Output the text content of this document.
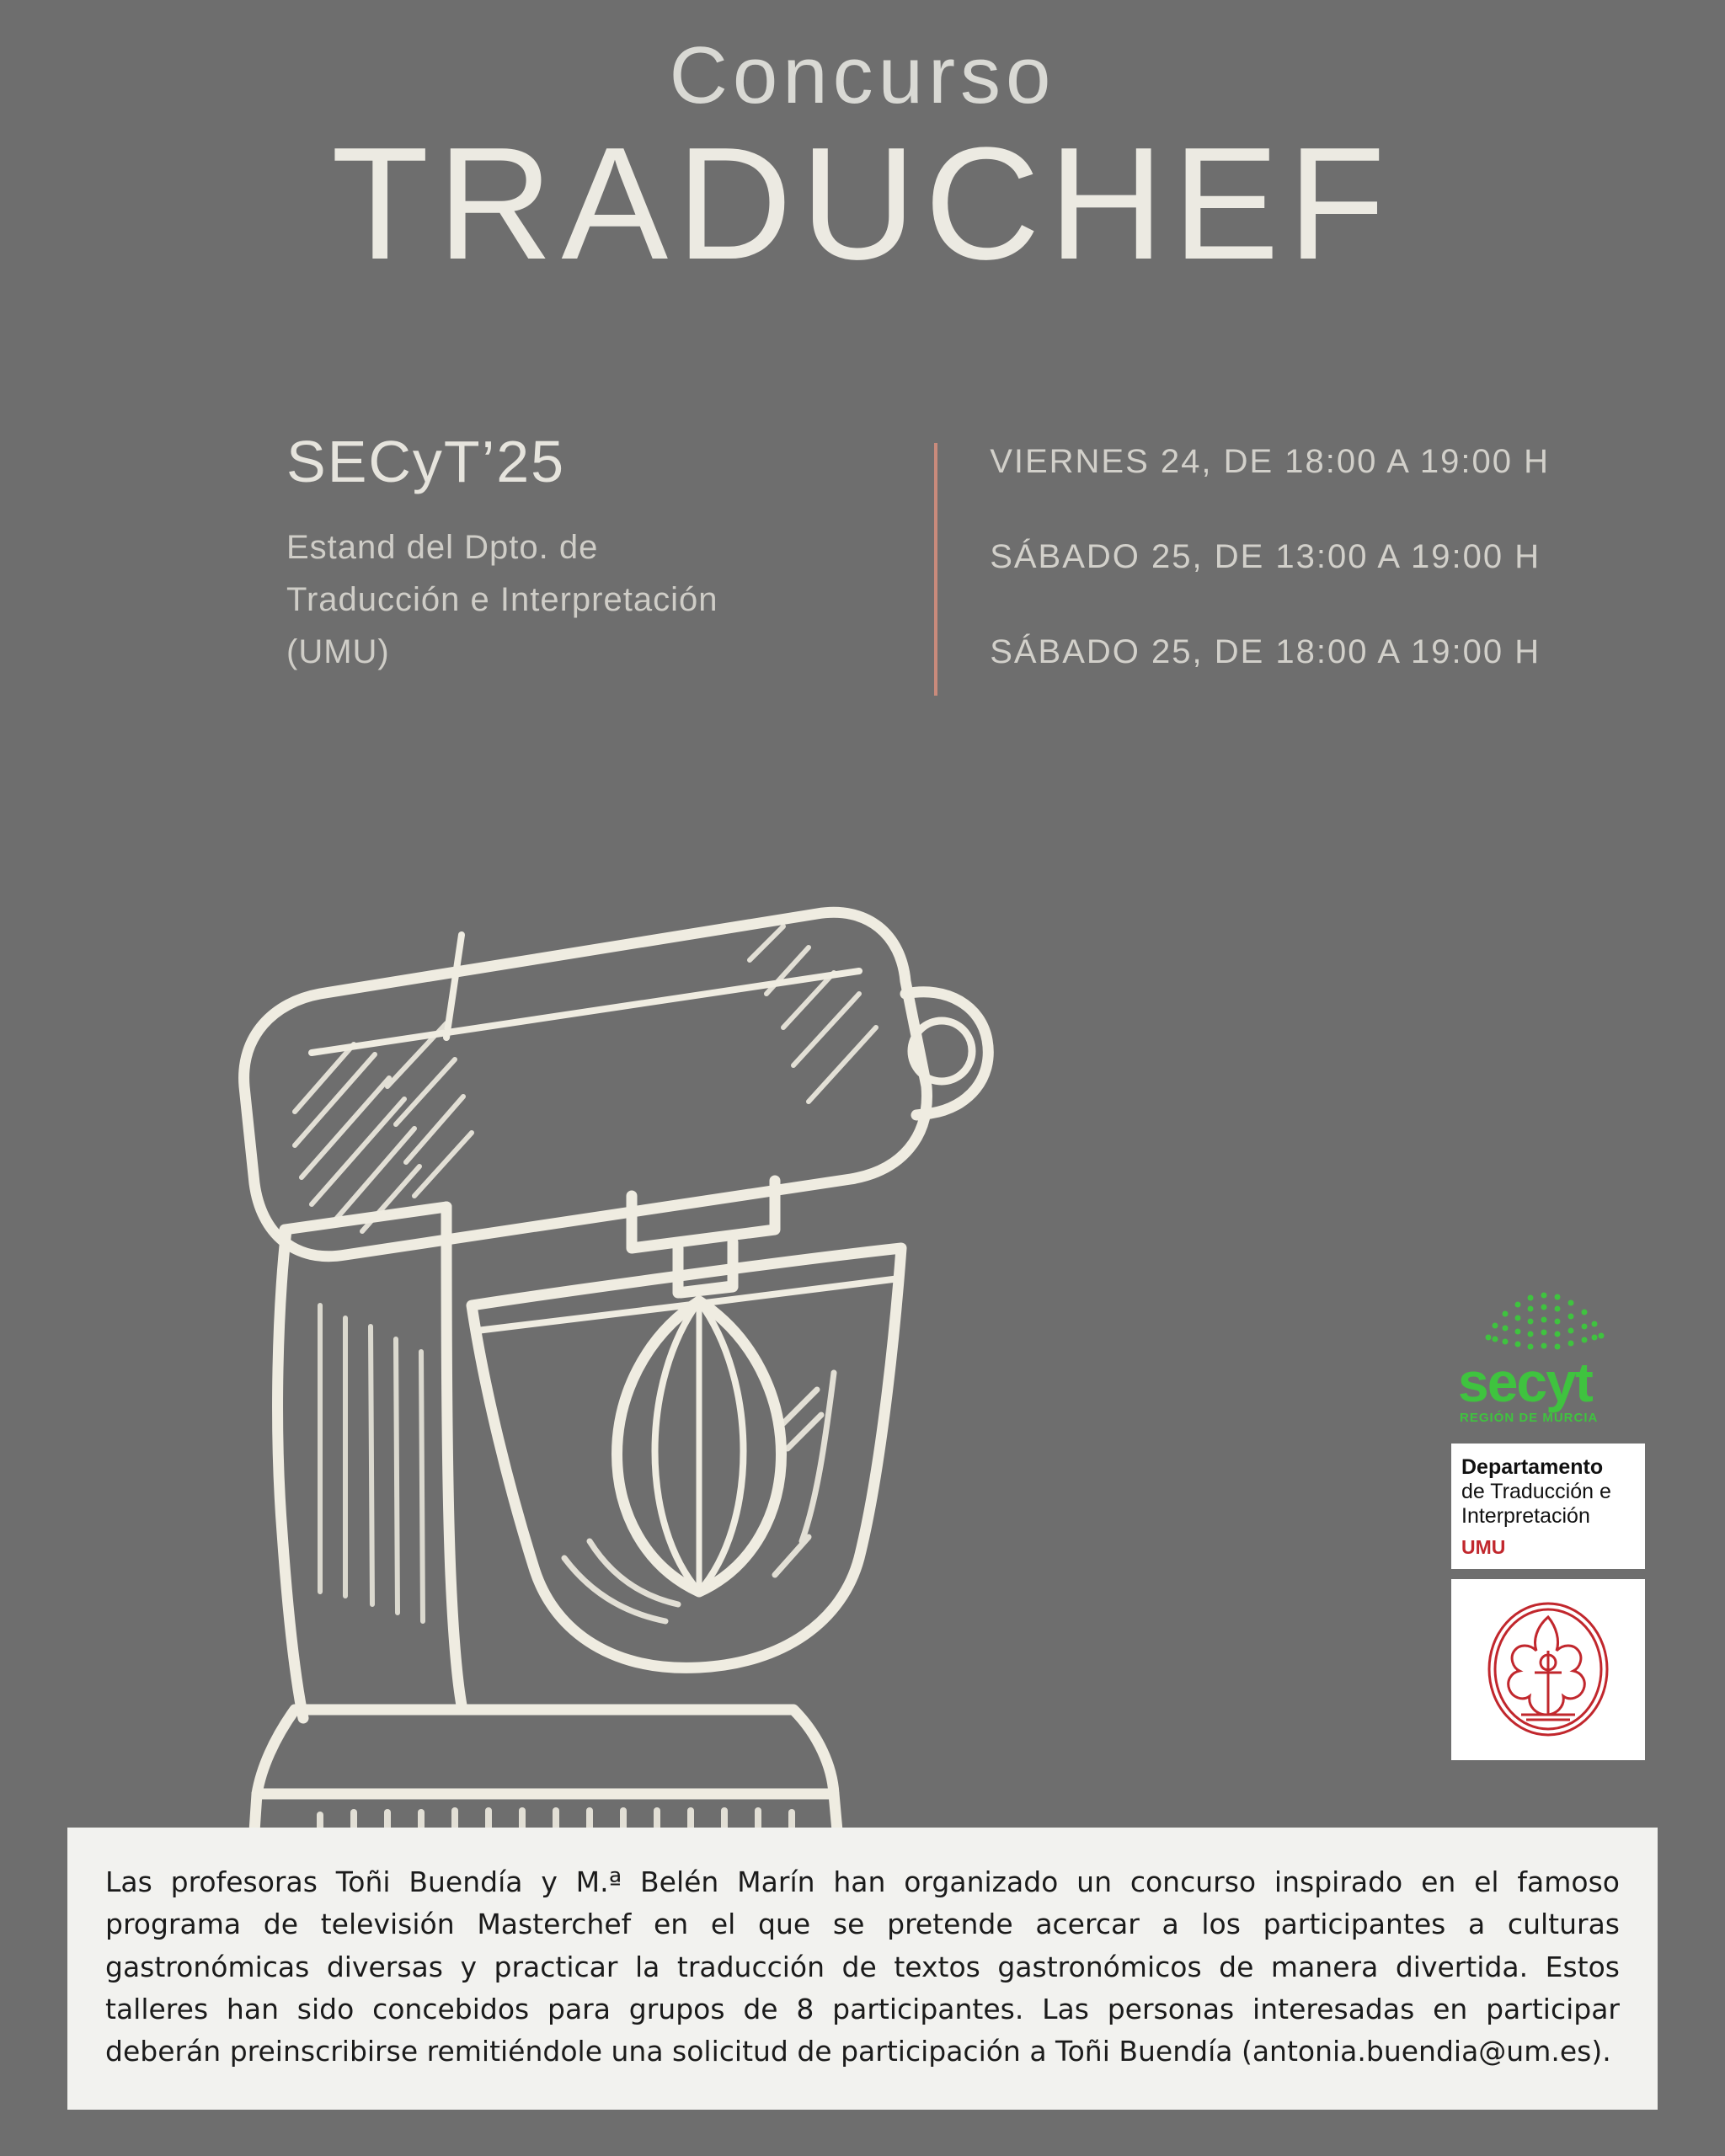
Concurso
TRADUCHEF
SECyT’25
Estand del Dpto. de
Traducción e Interpretación
(UMU)
VIERNES 24, DE 18:00 A 19:00 H
SÁBADO 25, DE 13:00 A 19:00 H
SÁBADO 25, DE 18:00 A 19:00 H
secyt
REGIÓN DE MURCIA
Departamento
de Traducción e
Interpretación
UMU

Las profesoras Toñi Buendía y M.ª Belén Marín han organizado un concurso inspirado en el famoso programa de televisión Masterchef en el que se pretende acercar a los participantes a culturas gastronómicas diversas y practicar la traducción de textos gastronómicos de manera divertida. Estos talleres han sido concebidos para grupos de 8 participantes. Las personas interesadas en participar deberán preinscribirse remitiéndole una solicitud de participación a Toñi Buendía (antonia.buendia@um.es).
